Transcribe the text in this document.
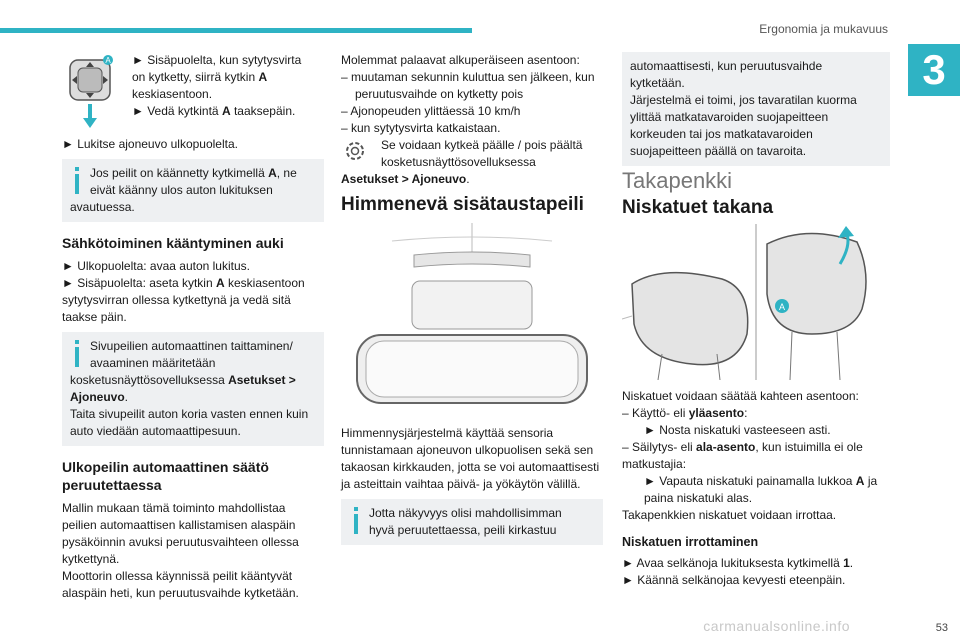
Ergonomia ja mukavuus
3
A ► Sisäpuolelta, kun sytytysvirta
on kytketty, siirrä kytkin A
keskiasentoon.
► Vedä kytkintä A taaksepäin.
► Lukitse ajoneuvo ulkopuolelta.
Jos peilit on käännetty kytkimellä A, ne
eivät käänny ulos auton lukituksen
avautuessa.
Sähkötoiminen kääntyminen auki
► Ulkopuolelta: avaa auton lukitus.
► Sisäpuolelta: aseta kytkin A keskiasentoon
sytytysvirran ollessa kytkettynä ja vedä sitä
taakse päin.
Sivupeilien automaattinen taittaminen/
avaaminen määritetään
kosketusnäyttösovelluksessa Asetukset >
Ajoneuvo.
Taita sivupeilit auton koria vasten ennen kuin
auto viedään automaattipesuun.
Ulkopeilin automaattinen säätö peruutettaessa
Mallin mukaan tämä toiminto mahdollistaa
peilien automaattisen kallistamisen alaspäin
pysäköinnin avuksi peruutusvaihteen ollessa
kytkettynä.
Moottorin ollessa käynnissä peilit kääntyvät
alaspäin heti, kun peruutusvaihde kytketään.
Molemmat palaavat alkuperäiseen asentoon:
– muutaman sekunnin kuluttua sen jälkeen, kun
peruutusvaihde on kytketty pois
– Ajonopeuden ylittäessä 10 km/h
– kun sytytysvirta katkaistaan.
Se voidaan kytkeä päälle / pois päältä
kosketusnäyttösovelluksessa
Asetukset > Ajoneuvo.
Himmenevä sisätaustapeili
Himmennysjärjestelmä käyttää sensoria
tunnistamaan ajoneuvon ulkopuolisen sekä sen
takaosan kirkkauden, jotta se voi automaattisesti
ja asteittain vaihtaa päivä- ja yökäytön välillä.
Jotta näkyvyys olisi mahdollisimman
hyvä peruutettaessa, peili kirkastuu
automaattisesti, kun peruutusvaihde
kytketään.
Järjestelmä ei toimi, jos tavaratilan kuorma
ylittää matkatavaroiden suojapeitteen
korkeuden tai jos matkatavaroiden
suojapeitteen päällä on tavaroita.
Takapenkki
Niskatuet takana
A
Niskatuet voidaan säätää kahteen asentoon:
– Käyttö- eli yläasento:
► Nosta niskatuki vasteeseen asti.
– Säilytys- eli ala-asento, kun istuimilla ei ole
matkustajia:
► Vapauta niskatuki painamalla lukkoa A ja
paina niskatuki alas.
Takapenkkien niskatuet voidaan irrottaa.
Niskatuen irrottaminen
► Avaa selkänoja lukituksesta kytkimellä 1.
► Käännä selkänojaa kevyesti eteenpäin.
carmanualsonline.info	53
